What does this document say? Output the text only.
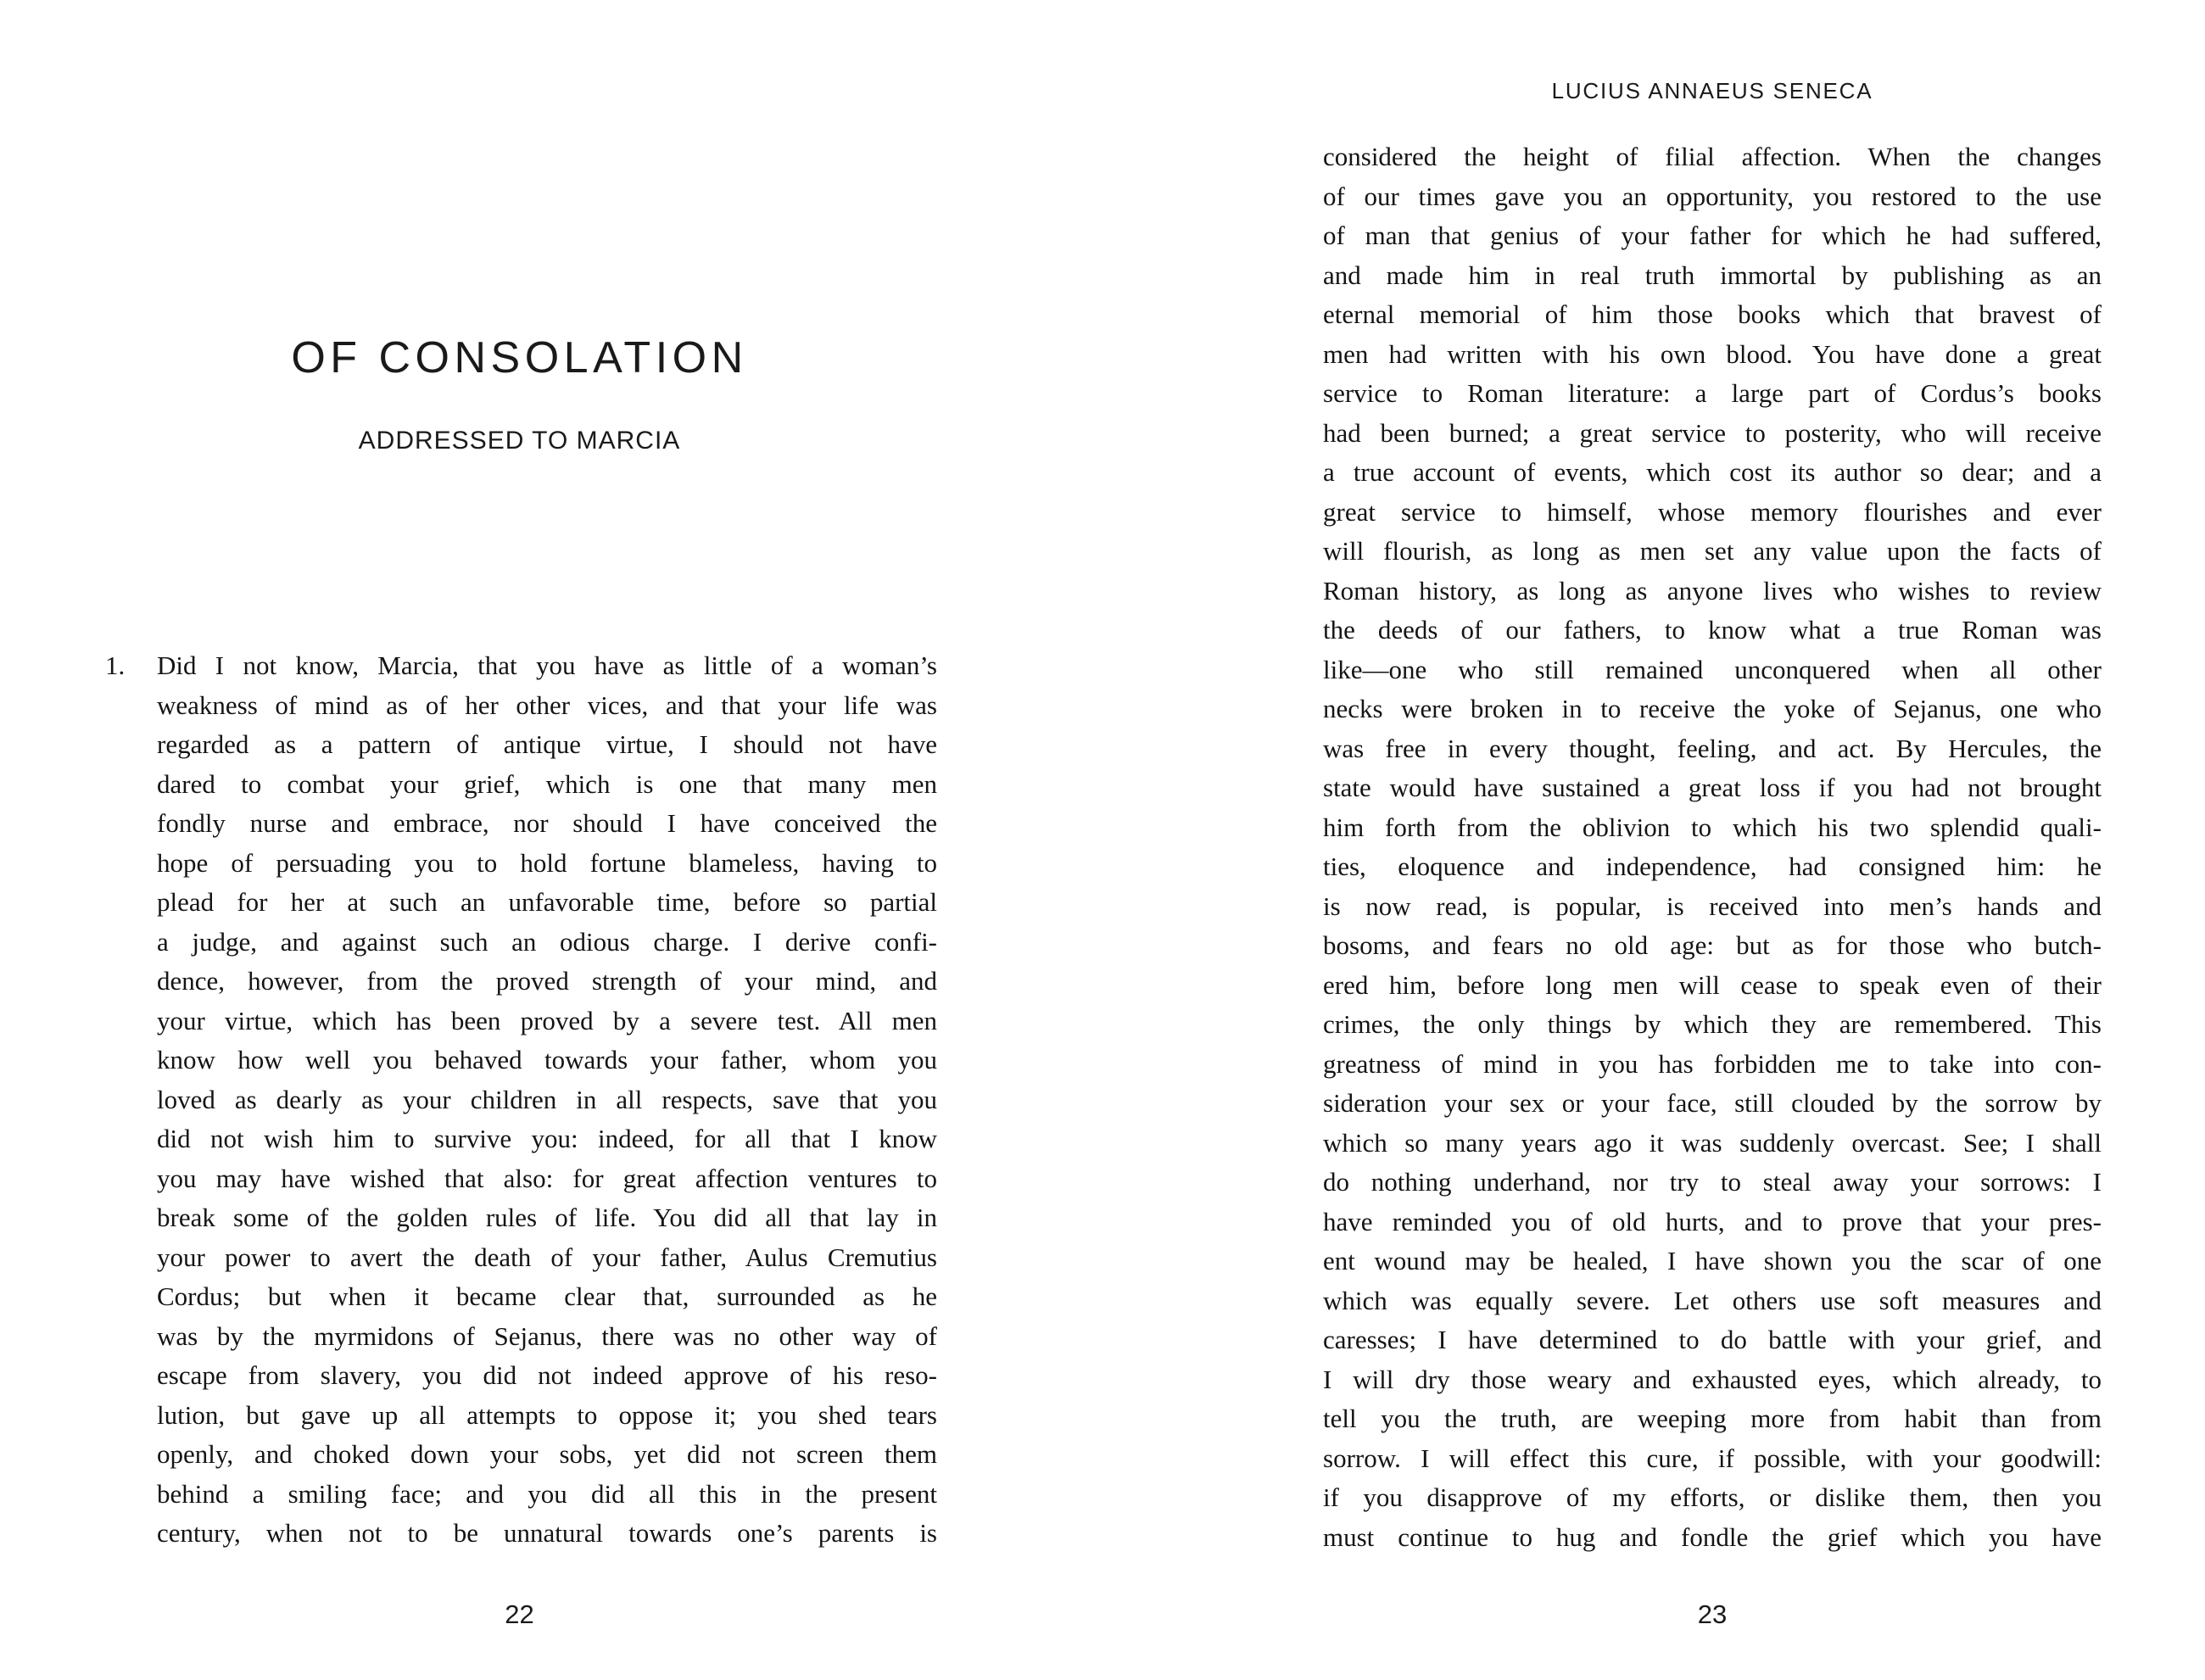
OF CONSOLATION
ADDRESSED TO MARCIA
1. Did I not know, Marcia, that you have as little of a woman’s
weakness of mind as of her other vices, and that your life was
regarded as a pattern of antique virtue, I should not have
dared to combat your grief, which is one that many men
fondly nurse and embrace, nor should I have conceived the
hope of persuading you to hold fortune blameless, having to
plead for her at such an unfavorable time, before so partial
a judge, and against such an odious charge. I derive confi-
dence, however, from the proved strength of your mind, and
your virtue, which has been proved by a severe test. All men
know how well you behaved towards your father, whom you
loved as dearly as your children in all respects, save that you
did not wish him to survive you: indeed, for all that I know
you may have wished that also: for great affection ventures to
break some of the golden rules of life. You did all that lay in
your power to avert the death of your father, Aulus Cremutius
Cordus; but when it became clear that, surrounded as he
was by the myrmidons of Sejanus, there was no other way of
escape from slavery, you did not indeed approve of his reso-
lution, but gave up all attempts to oppose it; you shed tears
openly, and choked down your sobs, yet did not screen them
behind a smiling face; and you did all this in the present
century, when not to be unnatural towards one’s parents is
22
LUCIUS ANNAEUS SENECA
considered the height of filial affection. When the changes
of our times gave you an opportunity, you restored to the use
of man that genius of your father for which he had suffered,
and made him in real truth immortal by publishing as an
eternal memorial of him those books which that bravest of
men had written with his own blood. You have done a great
service to Roman literature: a large part of Cordus’s books
had been burned; a great service to posterity, who will receive
a true account of events, which cost its author so dear; and a
great service to himself, whose memory flourishes and ever
will flourish, as long as men set any value upon the facts of
Roman history, as long as anyone lives who wishes to review
the deeds of our fathers, to know what a true Roman was
like—one who still remained unconquered when all other
necks were broken in to receive the yoke of Sejanus, one who
was free in every thought, feeling, and act. By Hercules, the
state would have sustained a great loss if you had not brought
him forth from the oblivion to which his two splendid quali-
ties, eloquence and independence, had consigned him: he
is now read, is popular, is received into men’s hands and
bosoms, and fears no old age: but as for those who butch-
ered him, before long men will cease to speak even of their
crimes, the only things by which they are remembered. This
greatness of mind in you has forbidden me to take into con-
sideration your sex or your face, still clouded by the sorrow by
which so many years ago it was suddenly overcast. See; I shall
do nothing underhand, nor try to steal away your sorrows: I
have reminded you of old hurts, and to prove that your pres-
ent wound may be healed, I have shown you the scar of one
which was equally severe. Let others use soft measures and
caresses; I have determined to do battle with your grief, and
I will dry those weary and exhausted eyes, which already, to
tell you the truth, are weeping more from habit than from
sorrow. I will effect this cure, if possible, with your goodwill:
if you disapprove of my efforts, or dislike them, then you
must continue to hug and fondle the grief which you have
23
